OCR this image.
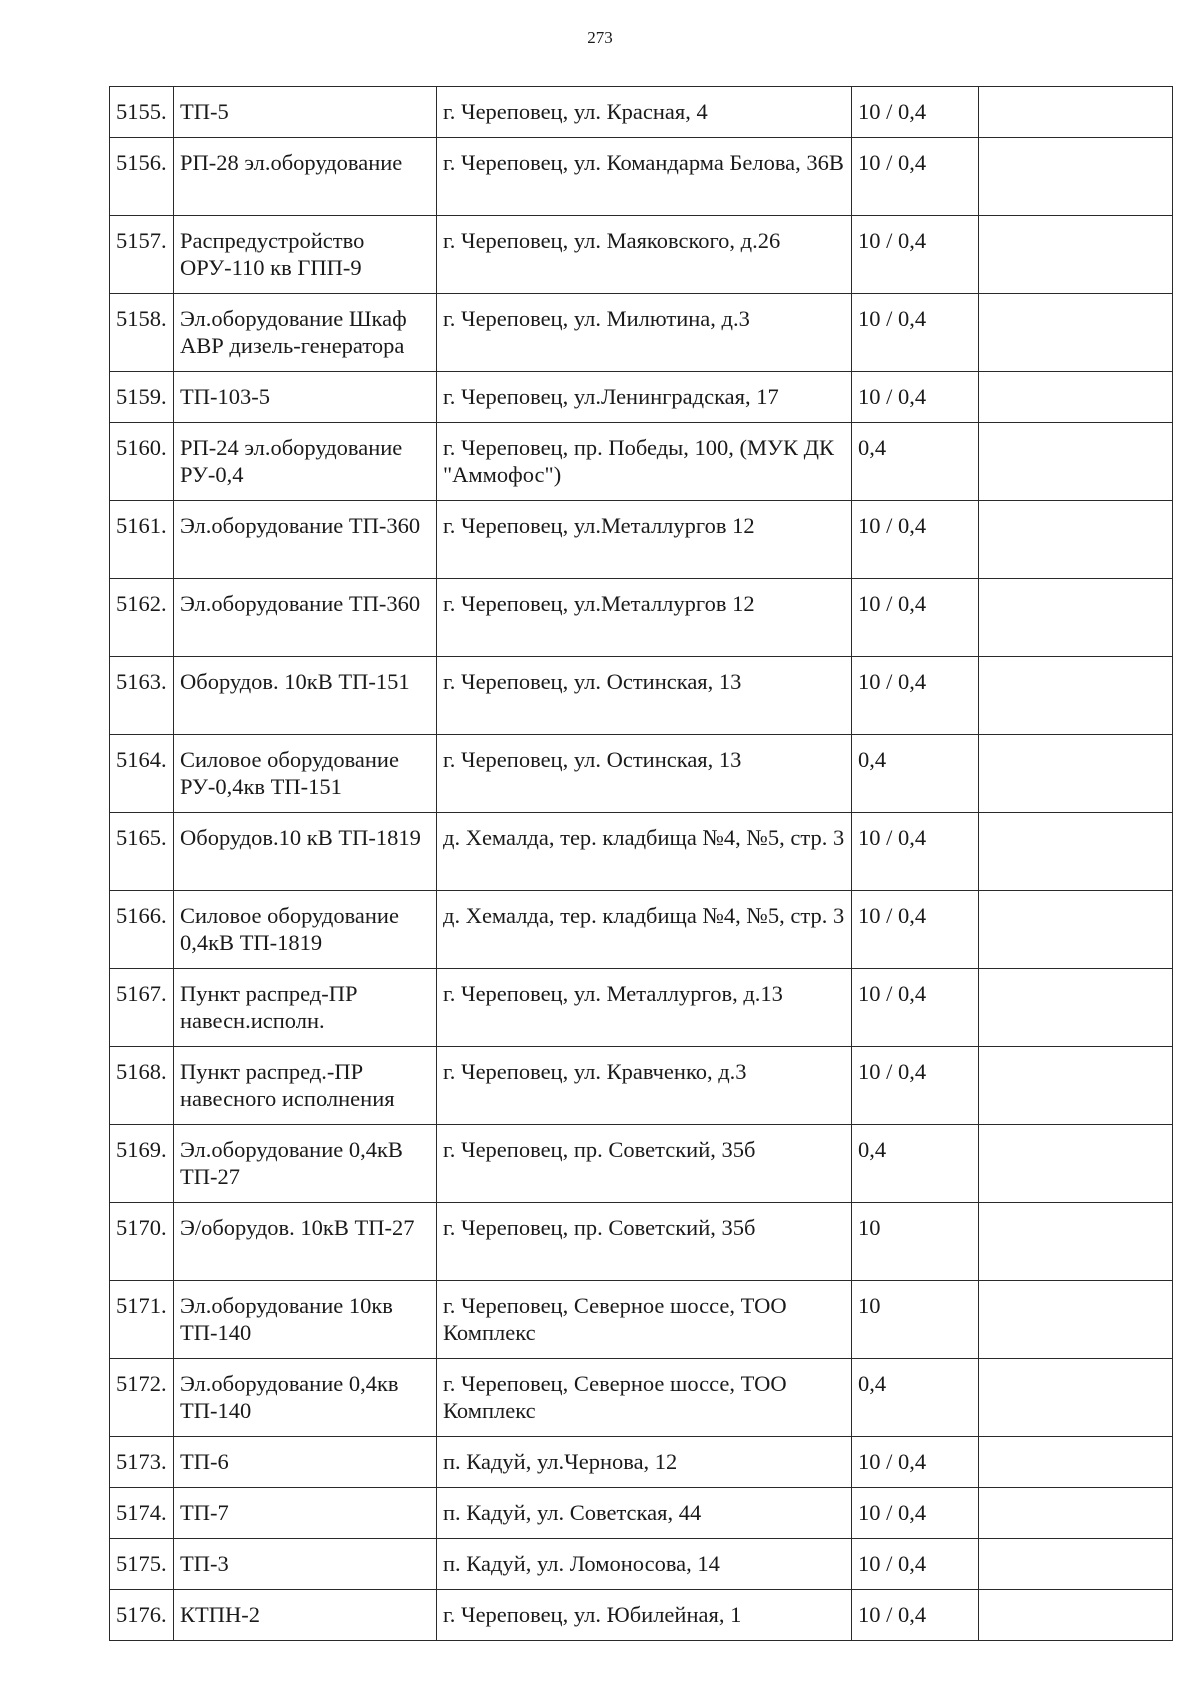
273
5155.	ТП-5	г. Череповец, ул. Красная, 4	10 / 0,4	
5156.	РП-28 эл.оборудование	г. Череповец, ул. Командарма Белова, 36В	10 / 0,4	
5157.	Распредустройство ОРУ-110 кв ГПП-9	г. Череповец, ул. Маяковского, д.26	10 / 0,4	
5158.	Эл.оборудование Шкаф АВР дизель-генератора	г. Череповец, ул. Милютина, д.3	10 / 0,4	
5159.	ТП-103-5	г. Череповец, ул.Ленинградская, 17	10 / 0,4	
5160.	РП-24 эл.оборудование РУ-0,4	г. Череповец, пр. Победы, 100, (МУК ДК "Аммофос")	0,4	
5161.	Эл.оборудование ТП-360	г. Череповец, ул.Металлургов 12	10 / 0,4	
5162.	Эл.оборудование ТП-360	г. Череповец, ул.Металлургов 12	10 / 0,4	
5163.	Оборудов. 10кВ ТП-151	г. Череповец, ул. Остинская, 13	10 / 0,4	
5164.	Силовое оборудование РУ-0,4кв ТП-151	г. Череповец, ул. Остинская, 13	0,4	
5165.	Оборудов.10 кВ ТП-1819	д. Хемалда, тер. кладбища №4, №5, стр. 3	10 / 0,4	
5166.	Силовое оборудование 0,4кВ ТП-1819	д. Хемалда, тер. кладбища №4, №5, стр. 3	10 / 0,4	
5167.	Пункт распред-ПР навесн.исполн.	г. Череповец, ул. Металлургов, д.13	10 / 0,4	
5168.	Пункт распред.-ПР навесного исполнения	г. Череповец, ул. Кравченко, д.3	10 / 0,4	
5169.	Эл.оборудование 0,4кВ ТП-27	г. Череповец, пр. Советский, 35б	0,4	
5170.	Э/оборудов. 10кВ ТП-27	г. Череповец, пр. Советский, 35б	10	
5171.	Эл.оборудование 10кв ТП-140	г. Череповец, Северное шоссе, ТОО Комплекс	10	
5172.	Эл.оборудование 0,4кв ТП-140	г. Череповец, Северное шоссе, ТОО Комплекс	0,4	
5173.	ТП-6	п. Кадуй, ул.Чернова, 12	10 / 0,4	
5174.	ТП-7	п. Кадуй, ул. Советская, 44	10 / 0,4	
5175.	ТП-3	п. Кадуй, ул. Ломоносова, 14	10 / 0,4	
5176.	КТПН-2	г. Череповец, ул. Юбилейная, 1	10 / 0,4	
